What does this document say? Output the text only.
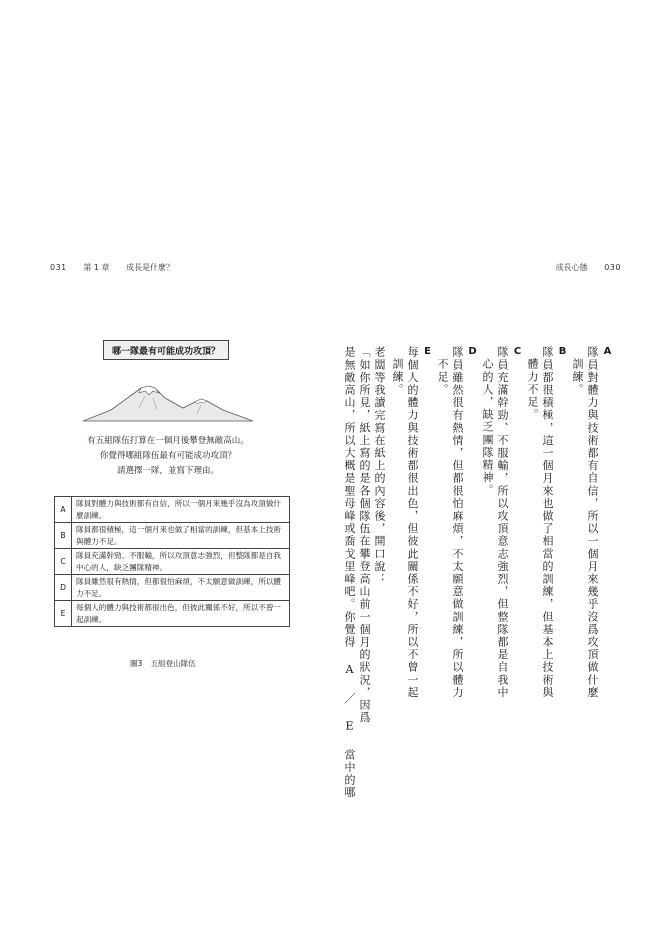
031 第 1 章 成長是什麼？	成長心態 030
哪一隊最有可能成功攻頂？
有五組隊伍打算在一個月後攀登無敵高山。
你覺得哪組隊伍最有可能成功攻頂？
請選擇一隊，並寫下理由。
A	隊員對體力與技術都有自信，所以一個月來幾乎沒為攻頂做什麼訓練。
B	隊員都很積極，這一個月來也做了相當的訓練，但基本上技術與體力不足。
C	隊員充滿幹勁、不服輸，所以攻頂意志強烈，但整隊都是自我中心的人，缺乏團隊精神。
D	隊員雖然很有熱情，但都很怕麻煩，不太願意做訓練，所以體力不足。
E	每個人的體力與技術都很出色，但彼此關係不好，所以不曾一起訓練。
圖3 五組登山隊伍
A
隊員對體力與技術都有自信，所以一個月來幾乎沒爲攻頂做什麼
訓練。
B
隊員都很積極，這一個月來也做了相當的訓練，但基本上技術與
體力不足。
C
隊員充滿幹勁、不服輸，所以攻頂意志強烈，但整隊都是自我中
心的人，缺乏團隊精神。
D
隊員雖然很有熱情，但都很怕麻煩，不太願意做訓練，所以體力
不足。
E
每個人的體力與技術都很出色，但彼此關係不好，所以不曾一起
訓練。
老闆等我讀完寫在紙上的內容後，開口說：
「如你所見，紙上寫的是各個隊伍在攀登高山前一個月的狀況，因爲
是無敵高山，所以大概是聖母峰或喬戈里峰吧。你覺得 A ／ E 當中的哪
